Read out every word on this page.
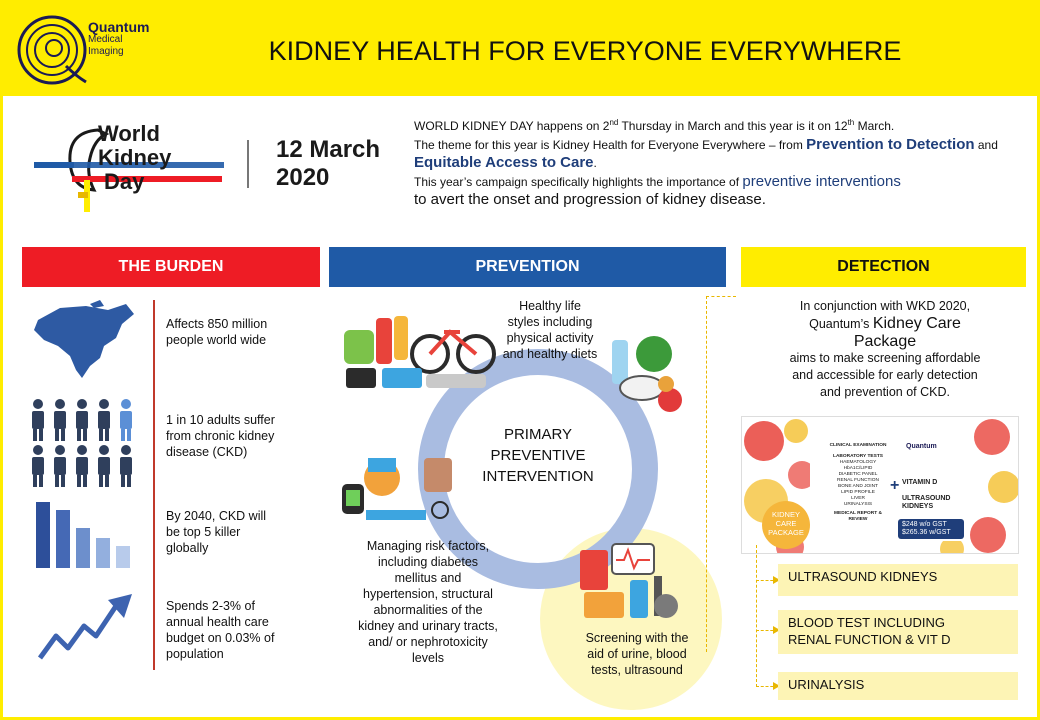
Quantum
Medical
Imaging	KIDNEY HEALTH FOR EVERYONE EVERYWHERE
World
Kidney
Day
12 March
2020

WORLD KIDNEY DAY happens on 2nd Thursday in March and this year is it on 12th March.

The theme for this year is Kidney Health for Everyone Everywhere – from Prevention to Detection and Equitable Access to Care.

This year’s campaign specifically highlights the importance of preventive interventions
to avert the onset and progression of kidney disease.

THE BURDEN	PREVENTION	DETECTION
Affects 850 million
people world wide
1 in 10 adults suffer
from chronic kidney
disease (CKD)
By 2040, CKD will
be top 5 killer
globally
Spends 2-3% of
annual health care
budget on 0.03% of
population
PRIMARY
PREVENTIVE
INTERVENTION
Healthy life
styles including
physical activity
and healthy diets
Managing risk factors,
including diabetes
mellitus and
hypertension, structural
abnormalities of the
kidney and urinary tracts,
and/ or nephrotoxicity
levels
Screening with the
aid of urine, blood
tests, ultrasound
In conjunction with WKD 2020,
Quantum’s Kidney Care
Package
aims to make screening affordable
and accessible for early detection
and prevention of CKD.
CLINICAL EXAMINATION
LABORATORY TESTS
HAEMATOLOGY
HbA1C/LIPID
DIABETIC PANEL
RENAL FUNCTION
BONE AND JOINT
LIPID PROFILE
LIVER
URINALYSIS
MEDICAL REPORT &
REVIEW
Quantum
+ VITAMIN D
ULTRASOUND
KIDNEYS
$248 w/o GST
$265.36 w/GST
KIDNEY
CARE
PACKAGE
ULTRASOUND KIDNEYS
BLOOD TEST INCLUDING
RENAL FUNCTION & VIT D
URINALYSIS
